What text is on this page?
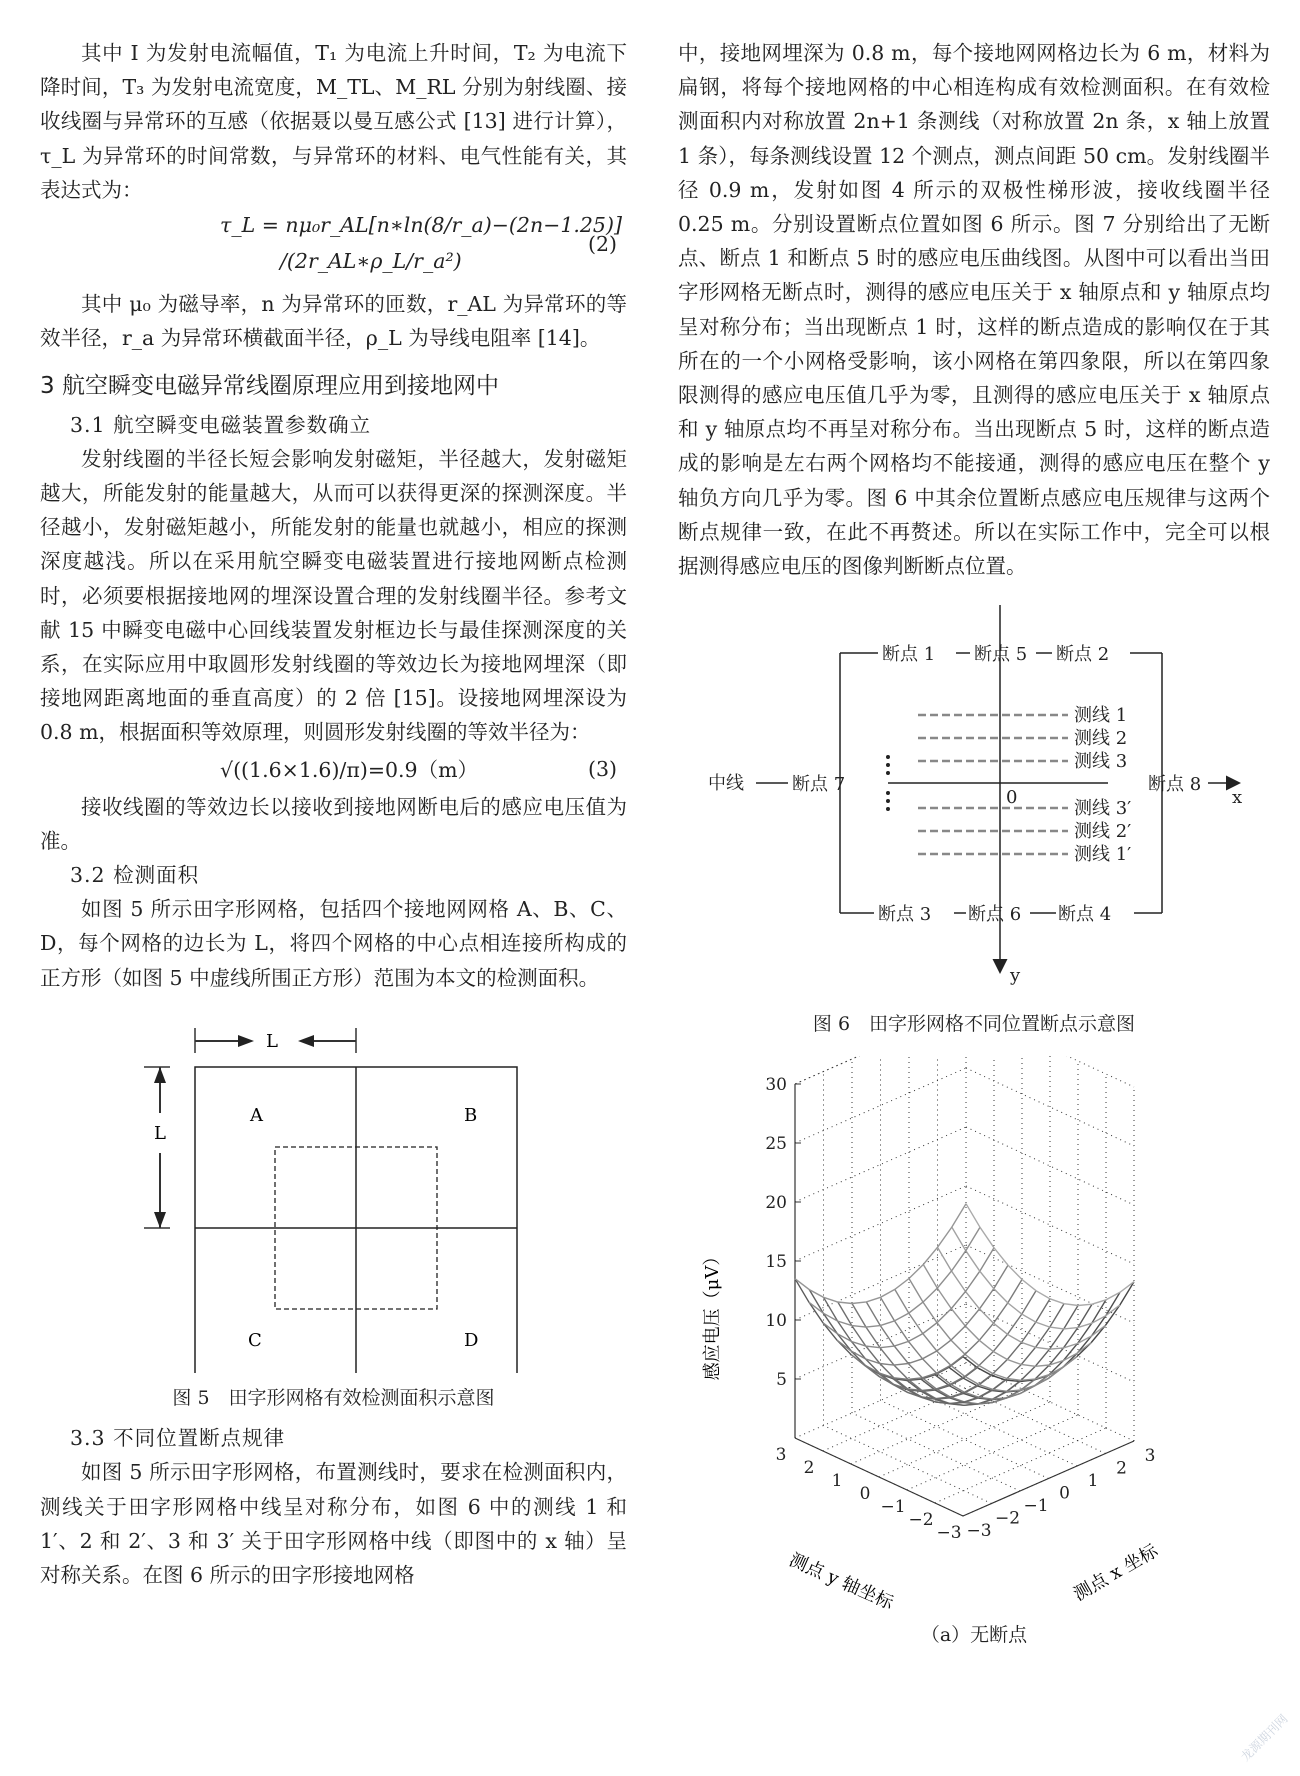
其中 I 为发射电流幅值，T₁ 为电流上升时间，T₂ 为电流下降时间，T₃ 为发射电流宽度，M_TL、M_RL 分别为射线圈、接收线圈与异常环的互感（依据聂以曼互感公式 [13] 进行计算），τ_L 为异常环的时间常数，与异常环的材料、电气性能有关，其表达式为：

τ_L = nμ₀r_AL[n∗ln(8/r_a)−(2n−1.25)]
/(2r_AL∗ρ_L/r_a²)
(2)

其中 μ₀ 为磁导率，n 为异常环的匝数，r_AL 为异常环的等效半径，r_a 为异常环横截面半径，ρ_L 为导线电阻率 [14]。

3 航空瞬变电磁异常线圈原理应用到接地网中
3.1 航空瞬变电磁装置参数确立

发射线圈的半径长短会影响发射磁矩，半径越大，发射磁矩越大，所能发射的能量越大，从而可以获得更深的探测深度。半径越小，发射磁矩越小，所能发射的能量也就越小，相应的探测深度越浅。所以在采用航空瞬变电磁装置进行接地网断点检测时，必须要根据接地网的埋深设置合理的发射线圈半径。参考文献 15 中瞬变电磁中心回线装置发射框边长与最佳探测深度的关系，在实际应用中取圆形发射线圈的等效边长为接地网埋深（即接地网距离地面的垂直高度）的 2 倍 [15]。设接地网埋深设为 0.8 m，根据面积等效原理，则圆形发射线圈的等效半径为：

√((1.6×1.6)/π)=0.9（m）	(3)

接收线圈的等效边长以接收到接地网断电后的感应电压值为准。

3.2 检测面积

如图 5 所示田字形网格，包括四个接地网网格 A、B、C、D，每个网格的边长为 L，将四个网格的中心点相连接所构成的正方形（如图 5 中虚线所围正方形）范围为本文的检测面积。

L
L
A	B
C	D
图 5　田字形网格有效检测面积示意图
3.3 不同位置断点规律

如图 5 所示田字形网格，布置测线时，要求在检测面积内，测线关于田字形网格中线呈对称分布，如图 6 中的测线 1 和 1′、2 和 2′、3 和 3′ 关于田字形网格中线（即图中的 x 轴）呈对称关系。在图 6 所示的田字形接地网格

中，接地网埋深为 0.8 m，每个接地网网格边长为 6 m，材料为扁钢，将每个接地网格的中心相连构成有效检测面积。在有效检测面积内对称放置 2n+1 条测线（对称放置 2n 条，x 轴上放置 1 条），每条测线设置 12 个测点，测点间距 50 cm。发射线圈半径 0.9 m，发射如图 4 所示的双极性梯形波，接收线圈半径 0.25 m。分别设置断点位置如图 6 所示。图 7 分别给出了无断点、断点 1 和断点 5 时的感应电压曲线图。从图中可以看出当田字形网格无断点时，测得的感应电压关于 x 轴原点和 y 轴原点均呈对称分布；当出现断点 1 时，这样的断点造成的影响仅在于其所在的一个小网格受影响，该小网格在第四象限，所以在第四象限测得的感应电压值几乎为零，且测得的感应电压关于 x 轴原点和 y 轴原点均不再呈对称分布。当出现断点 5 时，这样的断点造成的影响是左右两个网格均不能接通，测得的感应电压在整个 y 轴负方向几乎为零。图 6 中其余位置断点感应电压规律与这两个断点规律一致，在此不再赘述。所以在实际工作中，完全可以根据测得感应电压的图像判断断点位置。

断点 1 断点 5 断点 2
断点 3 断点 6 断点 4
断点 7	断点 8
中线
0	x
y
测线 1
测线 2
测线 3
测线 3′
测线 2′
测线 1′
图 6　田字形网格不同位置断点示意图
5
10
15
20
25
30
3
2
1
0
−1
−2
−3
3
2
1
0
−1
−2
−3
感应电压（μV）
测点 y 轴坐标	测点 x 坐标
（a）无断点
龙源期刊网
